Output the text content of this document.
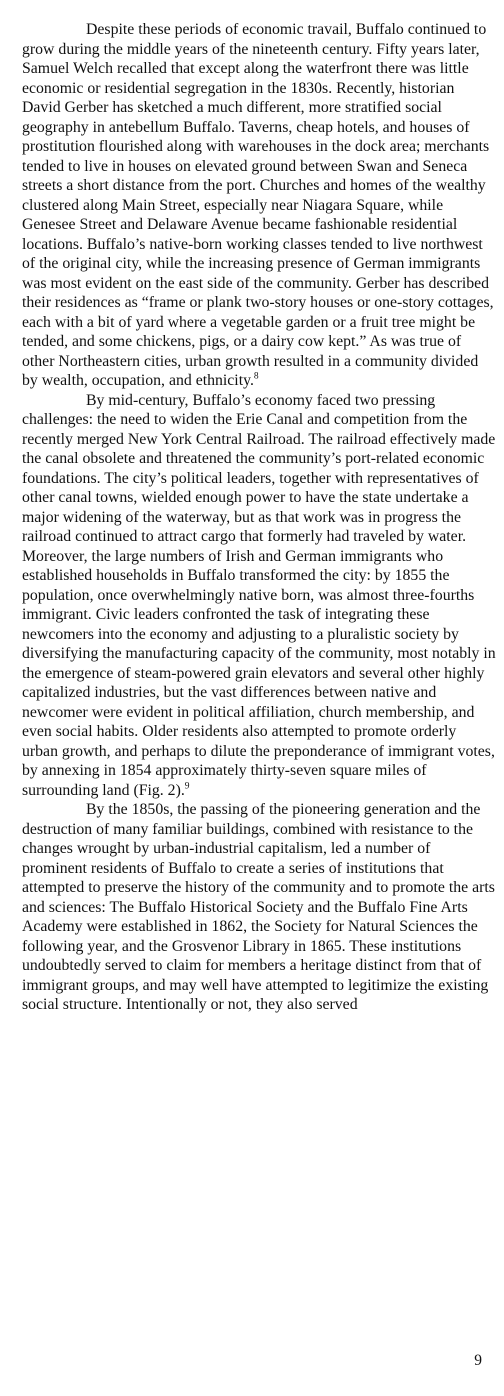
Despite these periods of economic travail, Buffalo continued to grow during the middle years of the nineteenth century. Fifty years later, Samuel Welch recalled that except along the waterfront there was little economic or residential segregation in the 1830s. Recently, historian David Gerber has sketched a much different, more stratified social geography in antebellum Buffalo. Taverns, cheap hotels, and houses of prostitution flourished along with warehouses in the dock area; merchants tended to live in houses on elevated ground between Swan and Seneca streets a short distance from the port. Churches and homes of the wealthy clustered along Main Street, especially near Niagara Square, while Genesee Street and Delaware Avenue became fashionable residential locations. Buffalo’s native-born working classes tended to live northwest of the original city, while the increasing presence of German immigrants was most evident on the east side of the community. Gerber has described their residences as “frame or plank two-story houses or one-story cottages, each with a bit of yard where a vegetable garden or a fruit tree might be tended, and some chickens, pigs, or a dairy cow kept.” As was true of other Northeastern cities, urban growth resulted in a community divided by wealth, occupation, and ethnicity.$^8$

By mid-century, Buffalo’s economy faced two pressing challenges: the need to widen the Erie Canal and competition from the recently merged New York Central Railroad. The railroad effectively made the canal obsolete and threatened the community’s port-related economic foundations. The city’s political leaders, together with representatives of other canal towns, wielded enough power to have the state undertake a major widening of the waterway, but as that work was in progress the railroad continued to attract cargo that formerly had traveled by water. Moreover, the large numbers of Irish and German immigrants who established households in Buffalo transformed the city: by 1855 the population, once overwhelmingly native born, was almost three-fourths immigrant. Civic leaders confronted the task of integrating these newcomers into the economy and adjusting to a pluralistic society by diversifying the manufacturing capacity of the community, most notably in the emergence of steam-powered grain elevators and several other highly capitalized industries, but the vast differences between native and newcomer were evident in political affiliation, church membership, and even social habits. Older residents also attempted to promote orderly urban growth, and perhaps to dilute the preponderance of immigrant votes, by annexing in 1854 approximately thirty-seven square miles of surrounding land (Fig. 2).$^9$

By the 1850s, the passing of the pioneering generation and the destruction of many familiar buildings, combined with resistance to the changes wrought by urban-industrial capitalism, led a number of prominent residents of Buffalo to create a series of institutions that attempted to preserve the history of the community and to promote the arts and sciences: The Buffalo Historical Society and the Buffalo Fine Arts Academy were established in 1862, the Society for Natural Sciences the following year, and the Grosvenor Library in 1865. These institutions undoubtedly served to claim for members a heritage distinct from that of immigrant groups, and may well have attempted to legitimize the existing social structure. Intentionally or not, they also served

9
